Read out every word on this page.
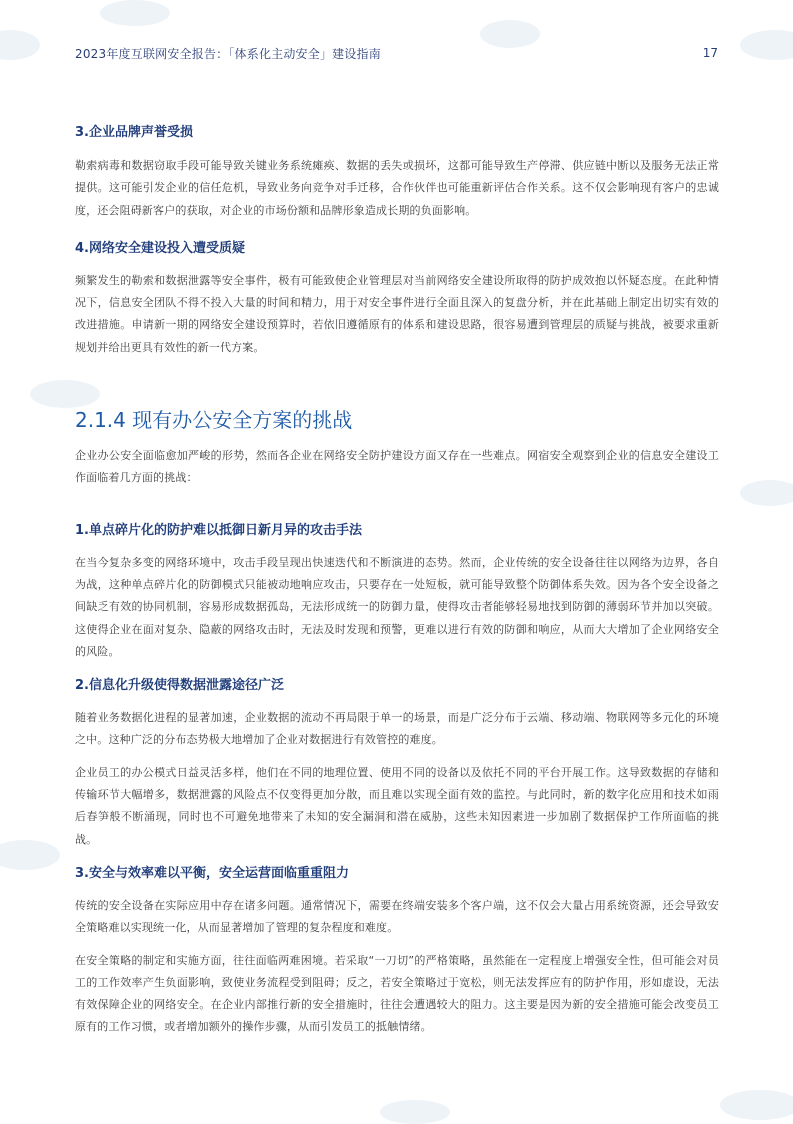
2023年度互联网安全报告：「体系化主动安全」建设指南	17
3.企业品牌声誉受损

勒索病毒和数据窃取手段可能导致关键业务系统瘫痪、数据的丢失或损坏，这都可能导致生产停滞、供应链中断以及服务无法正常提供。这可能引发企业的信任危机，导致业务向竞争对手迁移，合作伙伴也可能重新评估合作关系。这不仅会影响现有客户的忠诚度，还会阻碍新客户的获取，对企业的市场份额和品牌形象造成长期的负面影响。

4.网络安全建设投入遭受质疑

频繁发生的勒索和数据泄露等安全事件，极有可能致使企业管理层对当前网络安全建设所取得的防护成效抱以怀疑态度。在此种情况下，信息安全团队不得不投入大量的时间和精力，用于对安全事件进行全面且深入的复盘分析，并在此基础上制定出切实有效的改进措施。申请新一期的网络安全建设预算时，若依旧遵循原有的体系和建设思路，很容易遭到管理层的质疑与挑战，被要求重新规划并给出更具有效性的新一代方案。

2.1.4 现有办公安全方案的挑战

企业办公安全面临愈加严峻的形势，然而各企业在网络安全防护建设方面又存在一些难点。网宿安全观察到企业的信息安全建设工作面临着几方面的挑战：

1.单点碎片化的防护难以抵御日新月异的攻击手法

在当今复杂多变的网络环境中，攻击手段呈现出快速迭代和不断演进的态势。然而，企业传统的安全设备往往以网络为边界，各自为战，这种单点碎片化的防御模式只能被动地响应攻击，只要存在一处短板，就可能导致整个防御体系失效。因为各个安全设备之间缺乏有效的协同机制，容易形成数据孤岛，无法形成统一的防御力量，使得攻击者能够轻易地找到防御的薄弱环节并加以突破。这使得企业在面对复杂、隐蔽的网络攻击时，无法及时发现和预警，更难以进行有效的防御和响应，从而大大增加了企业网络安全的风险。

2.信息化升级使得数据泄露途径广泛

随着业务数据化进程的显著加速，企业数据的流动不再局限于单一的场景，而是广泛分布于云端、移动端、物联网等多元化的环境之中。这种广泛的分布态势极大地增加了企业对数据进行有效管控的难度。

企业员工的办公模式日益灵活多样，他们在不同的地理位置、使用不同的设备以及依托不同的平台开展工作。这导致数据的存储和传输环节大幅增多，数据泄露的风险点不仅变得更加分散，而且难以实现全面有效的监控。与此同时，新的数字化应用和技术如雨后春笋般不断涌现，同时也不可避免地带来了未知的安全漏洞和潜在威胁，这些未知因素进一步加剧了数据保护工作所面临的挑战。

3.安全与效率难以平衡，安全运营面临重重阻力

传统的安全设备在实际应用中存在诸多问题。通常情况下，需要在终端安装多个客户端，这不仅会大量占用系统资源，还会导致安全策略难以实现统一化，从而显著增加了管理的复杂程度和难度。

在安全策略的制定和实施方面，往往面临两难困境。若采取“一刀切”的严格策略，虽然能在一定程度上增强安全性，但可能会对员工的工作效率产生负面影响，致使业务流程受到阻碍；反之，若安全策略过于宽松，则无法发挥应有的防护作用，形如虚设，无法有效保障企业的网络安全。在企业内部推行新的安全措施时，往往会遭遇较大的阻力。这主要是因为新的安全措施可能会改变员工原有的工作习惯，或者增加额外的操作步骤，从而引发员工的抵触情绪。
